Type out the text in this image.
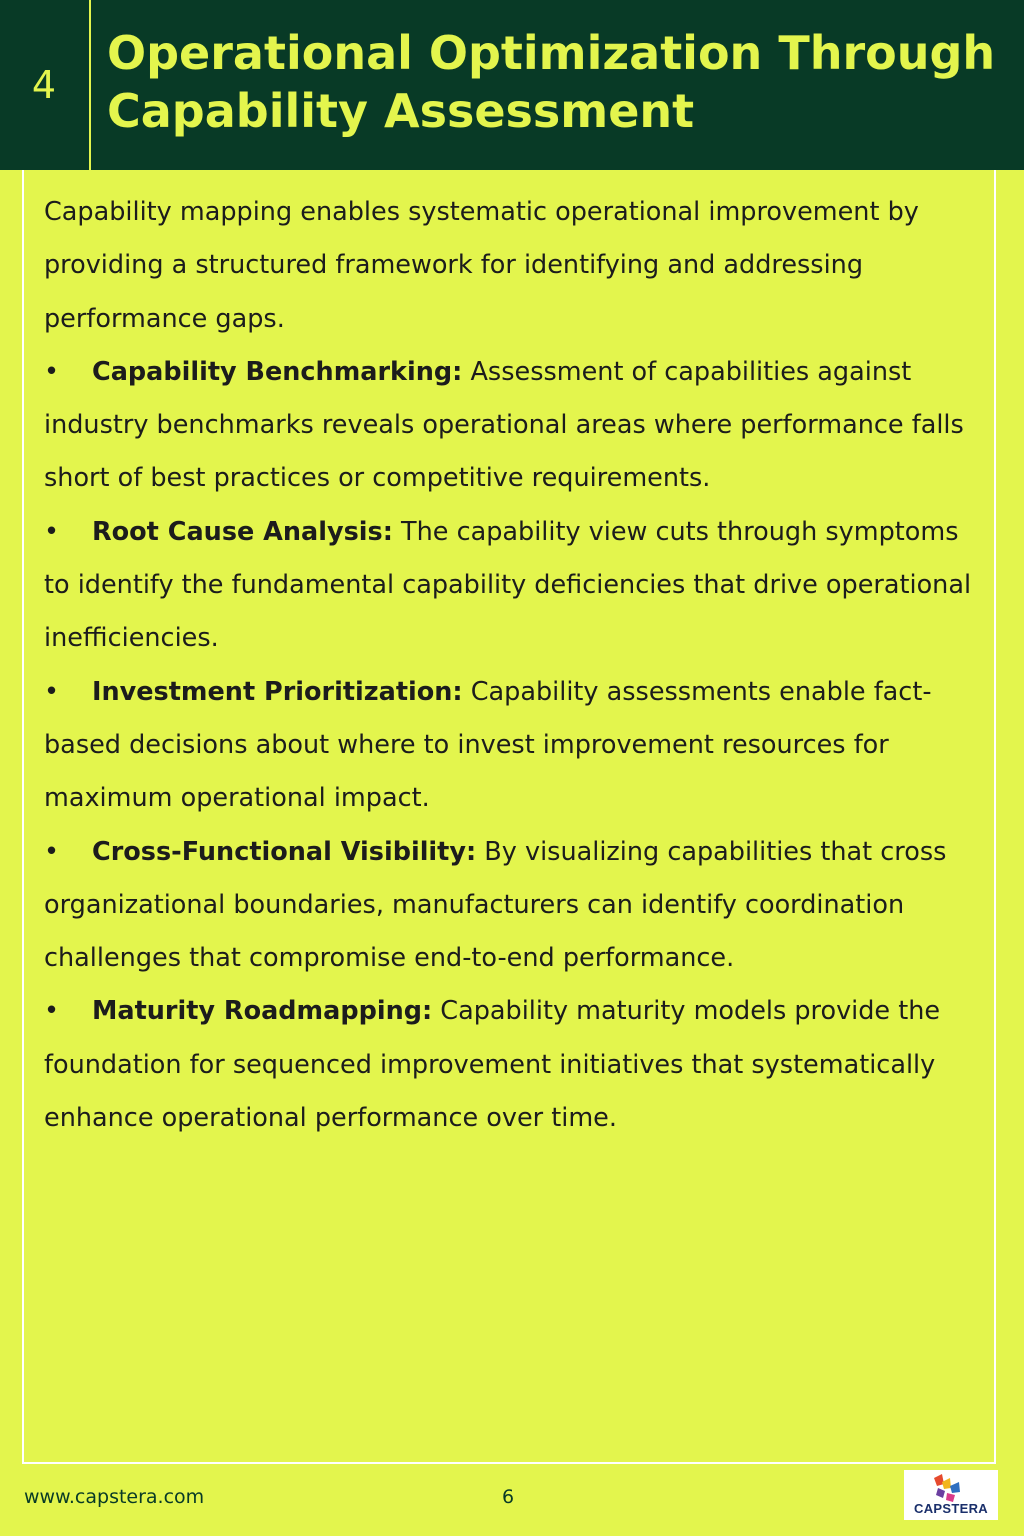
4
Operational Optimization Through
Capability Assessment

Capability mapping enables systematic operational improvement by providing a structured framework for identifying and addressing performance gaps.

• Capability Benchmarking: Assessment of capabilities against industry benchmarks reveals operational areas where performance falls short of best practices or competitive requirements.
• Root Cause Analysis: The capability view cuts through symptoms to identify the fundamental capability deficiencies that drive operational inefficiencies.
• Investment Prioritization: Capability assessments enable fact-based decisions about where to invest improvement resources for maximum operational impact.
• Cross-Functional Visibility: By visualizing capabilities that cross organizational boundaries, manufacturers can identify coordination challenges that compromise end-to-end performance.
• Maturity Roadmapping: Capability maturity models provide the foundation for sequenced improvement initiatives that systematically enhance operational performance over time.
www.capstera.com	6
CAPSTERA
